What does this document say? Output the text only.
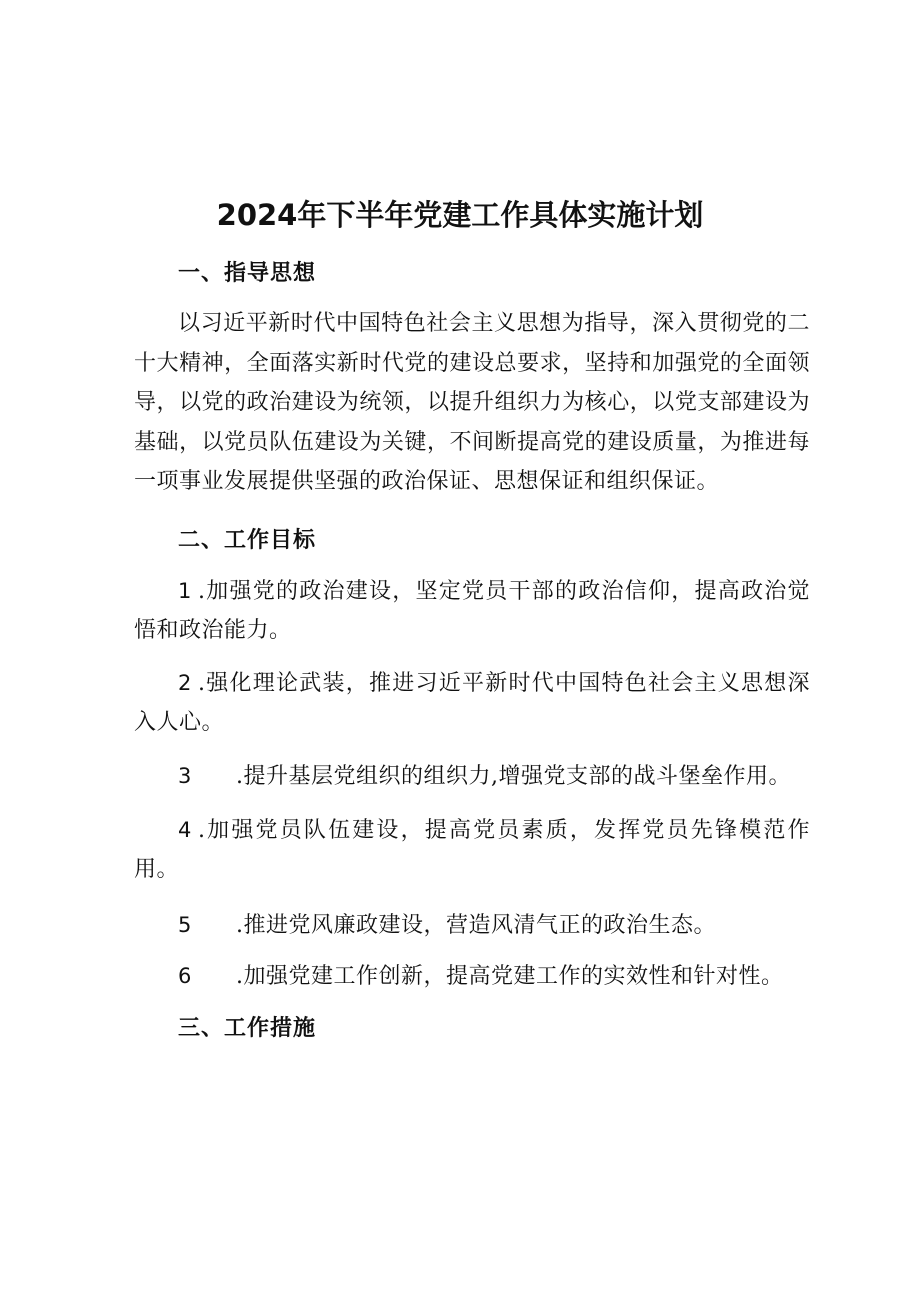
2024年下半年党建工作具体实施计划
一、指导思想

以习近平新时代中国特色社会主义思想为指导，深入贯彻党的二十大精神，全面落实新时代党的建设总要求，坚持和加强党的全面领导，以党的政治建设为统领，以提升组织力为核心，以党支部建设为基础，以党员队伍建设为关键，不间断提高党的建设质量，为推进每一项事业发展提供坚强的政治保证、思想保证和组织保证。

二、工作目标

1 .加强党的政治建设，坚定党员干部的政治信仰，提高政治觉悟和政治能力。

2 .强化理论武装，推进习近平新时代中国特色社会主义思想深入人心。

3 .提升基层党组织的组织力,增强党支部的战斗堡垒作用。

4 .加强党员队伍建设，提高党员素质，发挥党员先锋模范作用。

5 .推进党风廉政建设，营造风清气正的政治生态。

6 .加强党建工作创新，提高党建工作的实效性和针对性。

三、工作措施
